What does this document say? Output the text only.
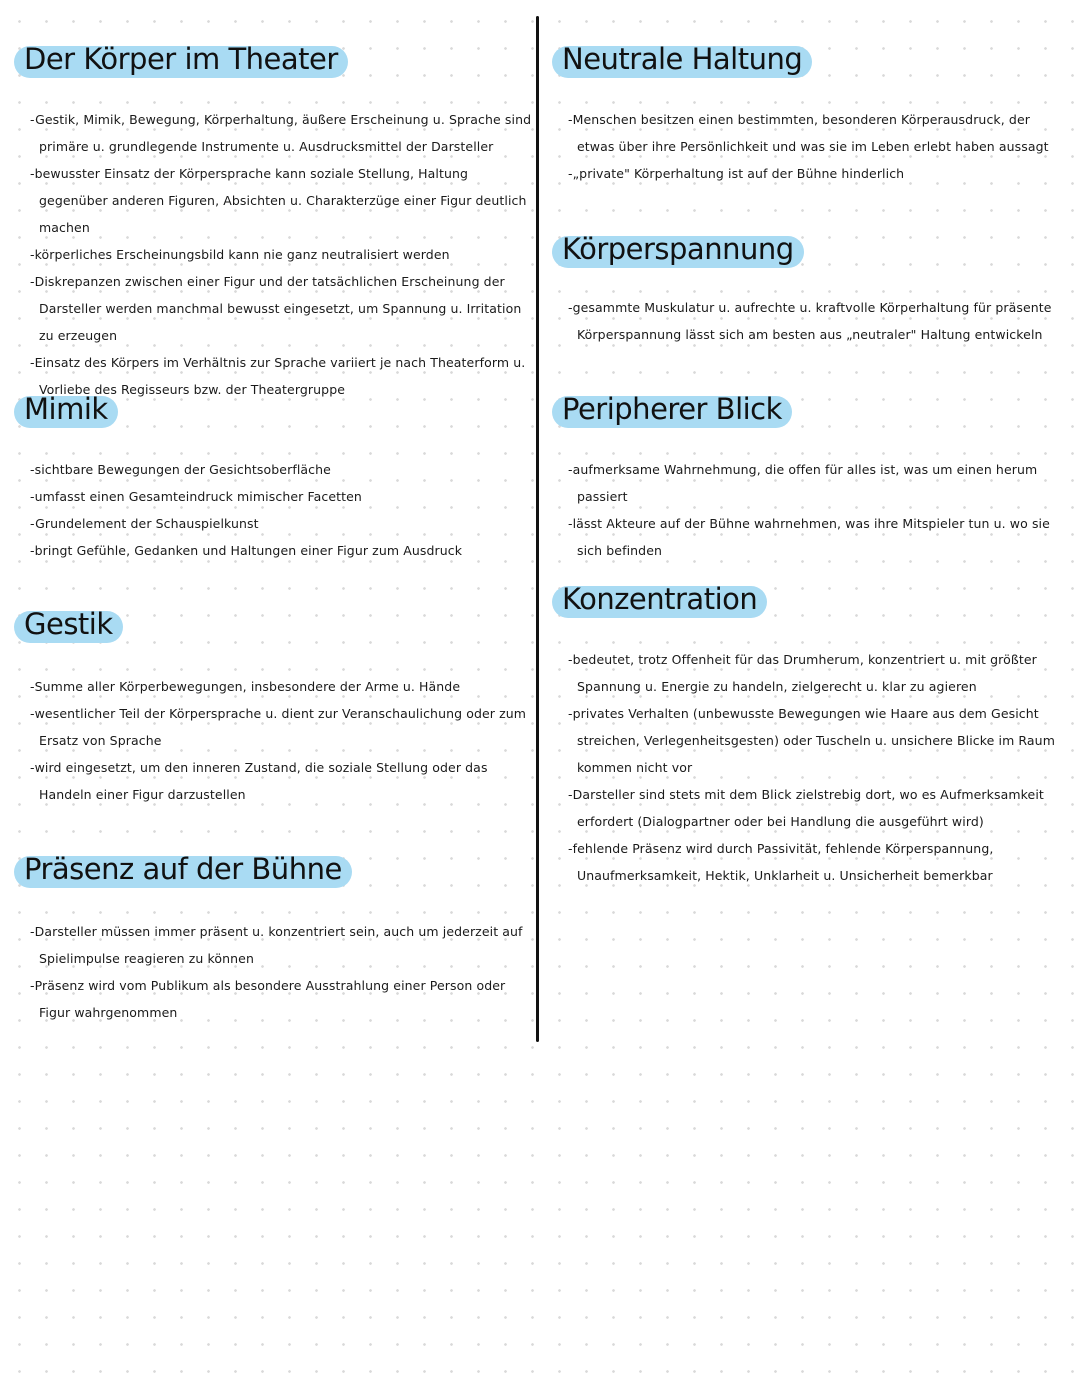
Der Körper im Theater
-Gestik, Mimik, Bewegung, Körperhaltung, äußere Erscheinung u. Sprache sind primäre u. grundlegende Instrumente u. Ausdrucksmittel der Darsteller
-bewusster Einsatz der Körpersprache kann soziale Stellung, Haltung gegenüber anderen Figuren, Absichten u. Charakterzüge einer Figur deutlich machen
-körperliches Erscheinungsbild kann nie ganz neutralisiert werden
-Diskrepanzen zwischen einer Figur und der tatsächlichen Erscheinung der Darsteller werden manchmal bewusst eingesetzt, um Spannung u. Irritation zu erzeugen
-Einsatz des Körpers im Verhältnis zur Sprache variiert je nach Theaterform u. Vorliebe des Regisseurs bzw. der Theatergruppe
Mimik
-sichtbare Bewegungen der Gesichtsoberfläche
-umfasst einen Gesamteindruck mimischer Facetten
-Grundelement der Schauspielkunst
-bringt Gefühle, Gedanken und Haltungen einer Figur zum Ausdruck
Gestik
-Summe aller Körperbewegungen, insbesondere der Arme u. Hände
-wesentlicher Teil der Körpersprache u. dient zur Veranschaulichung oder zum Ersatz von Sprache
-wird eingesetzt, um den inneren Zustand, die soziale Stellung oder das Handeln einer Figur darzustellen
Präsenz auf der Bühne
-Darsteller müssen immer präsent u. konzentriert sein, auch um jederzeit auf Spielimpulse reagieren zu können
-Präsenz wird vom Publikum als besondere Ausstrahlung einer Person oder Figur wahrgenommen
Neutrale Haltung
-Menschen besitzen einen bestimmten, besonderen Körperausdruck, der etwas über ihre Persönlichkeit und was sie im Leben erlebt haben aussagt
-„private" Körperhaltung ist auf der Bühne hinderlich
Körperspannung
-gesammte Muskulatur u. aufrechte u. kraftvolle Körperhaltung für präsente Körperspannung lässt sich am besten aus „neutraler" Haltung entwickeln
Peripherer Blick
-aufmerksame Wahrnehmung, die offen für alles ist, was um einen herum passiert
-lässt Akteure auf der Bühne wahrnehmen, was ihre Mitspieler tun u. wo sie sich befinden
Konzentration
-bedeutet, trotz Offenheit für das Drumherum, konzentriert u. mit größter Spannung u. Energie zu handeln, zielgerecht u. klar zu agieren
-privates Verhalten (unbewusste Bewegungen wie Haare aus dem Gesicht streichen, Verlegenheitsgesten) oder Tuscheln u. unsichere Blicke im Raum kommen nicht vor
-Darsteller sind stets mit dem Blick zielstrebig dort, wo es Aufmerksamkeit erfordert (Dialogpartner oder bei Handlung die ausgeführt wird)
-fehlende Präsenz wird durch Passivität, fehlende Körperspannung, Unaufmerksamkeit, Hektik, Unklarheit u. Unsicherheit bemerkbar
